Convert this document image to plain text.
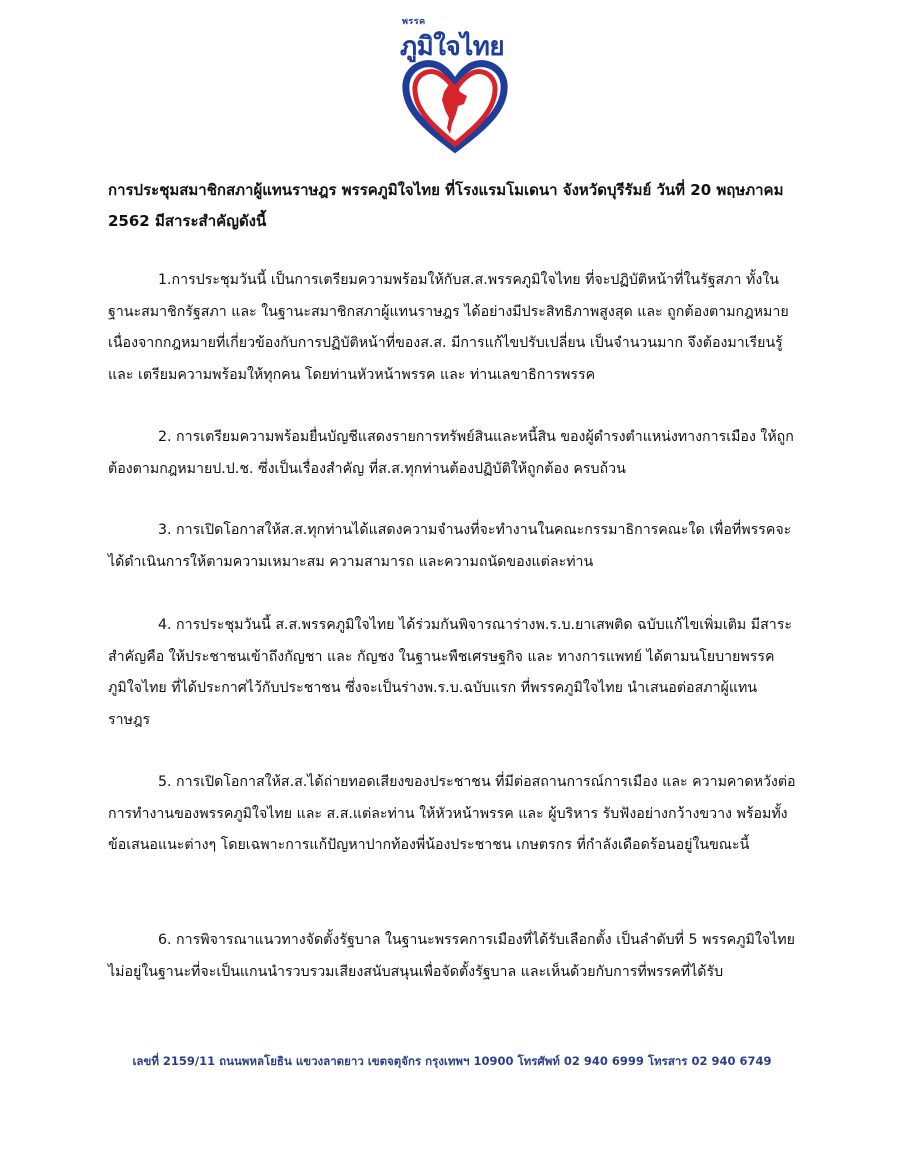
พรรค
ภูมิใจไทย
การประชุมสมาชิกสภาผู้แทนราษฎร พรรคภูมิใจไทย ที่โรงแรมโมเดนา จังหวัดบุรีรัมย์ วันที่ 20 พฤษภาคม 2562 มีสาระสำคัญดังนี้
1.การประชุมวันนี้ เป็นการเตรียมความพร้อมให้กับส.ส.พรรคภูมิใจไทย ที่จะปฏิบัติหน้าที่ในรัฐสภา ทั้งในฐานะสมาชิกรัฐสภา และ ในฐานะสมาชิกสภาผู้แทนราษฎร ได้อย่างมีประสิทธิภาพสูงสุด และ ถูกต้องตามกฎหมาย เนื่องจากกฎหมายที่เกี่ยวข้องกับการปฏิบัติหน้าที่ของส.ส. มีการแก้ไขปรับเปลี่ยน เป็นจำนวนมาก จึงต้องมาเรียนรู้ และ เตรียมความพร้อมให้ทุกคน โดยท่านหัวหน้าพรรค และ ท่านเลขาธิการพรรค
2. การเตรียมความพร้อมยื่นบัญชีแสดงรายการทรัพย์สินและหนี้สิน ของผู้ดำรงตำแหน่งทางการเมือง ให้ถูกต้องตามกฎหมายป.ป.ช. ซึ่งเป็นเรื่องสำคัญ ที่ส.ส.ทุกท่านต้องปฏิบัติให้ถูกต้อง ครบถ้วน
3. การเปิดโอกาสให้ส.ส.ทุกท่านได้แสดงความจำนงที่จะทำงานในคณะกรรมาธิการคณะใด เพื่อที่พรรคจะได้ดำเนินการให้ตามความเหมาะสม ความสามารถ และความถนัดของแต่ละท่าน
4. การประชุมวันนี้ ส.ส.พรรคภูมิใจไทย ได้ร่วมกันพิจารณาร่างพ.ร.บ.ยาเสพติด ฉบับแก้ไขเพิ่มเติม มีสาระสำคัญคือ ให้ประชาชนเข้าถึงกัญชา และ กัญชง ในฐานะพืชเศรษฐกิจ และ ทางการแพทย์ ได้ตามนโยบายพรรคภูมิใจไทย ที่ได้ประกาศไว้กับประชาชน ซึ่งจะเป็นร่างพ.ร.บ.ฉบับแรก ที่พรรคภูมิใจไทย นำเสนอต่อสภาผู้แทนราษฎร
5. การเปิดโอกาสให้ส.ส.ได้ถ่ายทอดเสียงของประชาชน ที่มีต่อสถานการณ์การเมือง และ ความคาดหวังต่อการทำงานของพรรคภูมิใจไทย และ ส.ส.แต่ละท่าน ให้หัวหน้าพรรค และ ผู้บริหาร รับฟังอย่างกว้างขวาง พร้อมทั้งข้อเสนอแนะต่างๆ โดยเฉพาะการแก้ปัญหาปากท้องพี่น้องประชาชน เกษตรกร ที่กำลังเดือดร้อนอยู่ในขณะนี้
6. การพิจารณาแนวทางจัดตั้งรัฐบาล ในฐานะพรรคการเมืองที่ได้รับเลือกตั้ง เป็นลำดับที่ 5 พรรคภูมิใจไทย ไม่อยู่ในฐานะที่จะเป็นแกนนำรวบรวมเสียงสนับสนุนเพื่อจัดตั้งรัฐบาล และเห็นด้วยกับการที่พรรคที่ได้รับ
เลขที่ 2159/11 ถนนพหลโยธิน แขวงลาดยาว เขตจตุจักร กรุงเทพฯ 10900 โทรศัพท์ 02 940 6999 โทรสาร 02 940 6749
